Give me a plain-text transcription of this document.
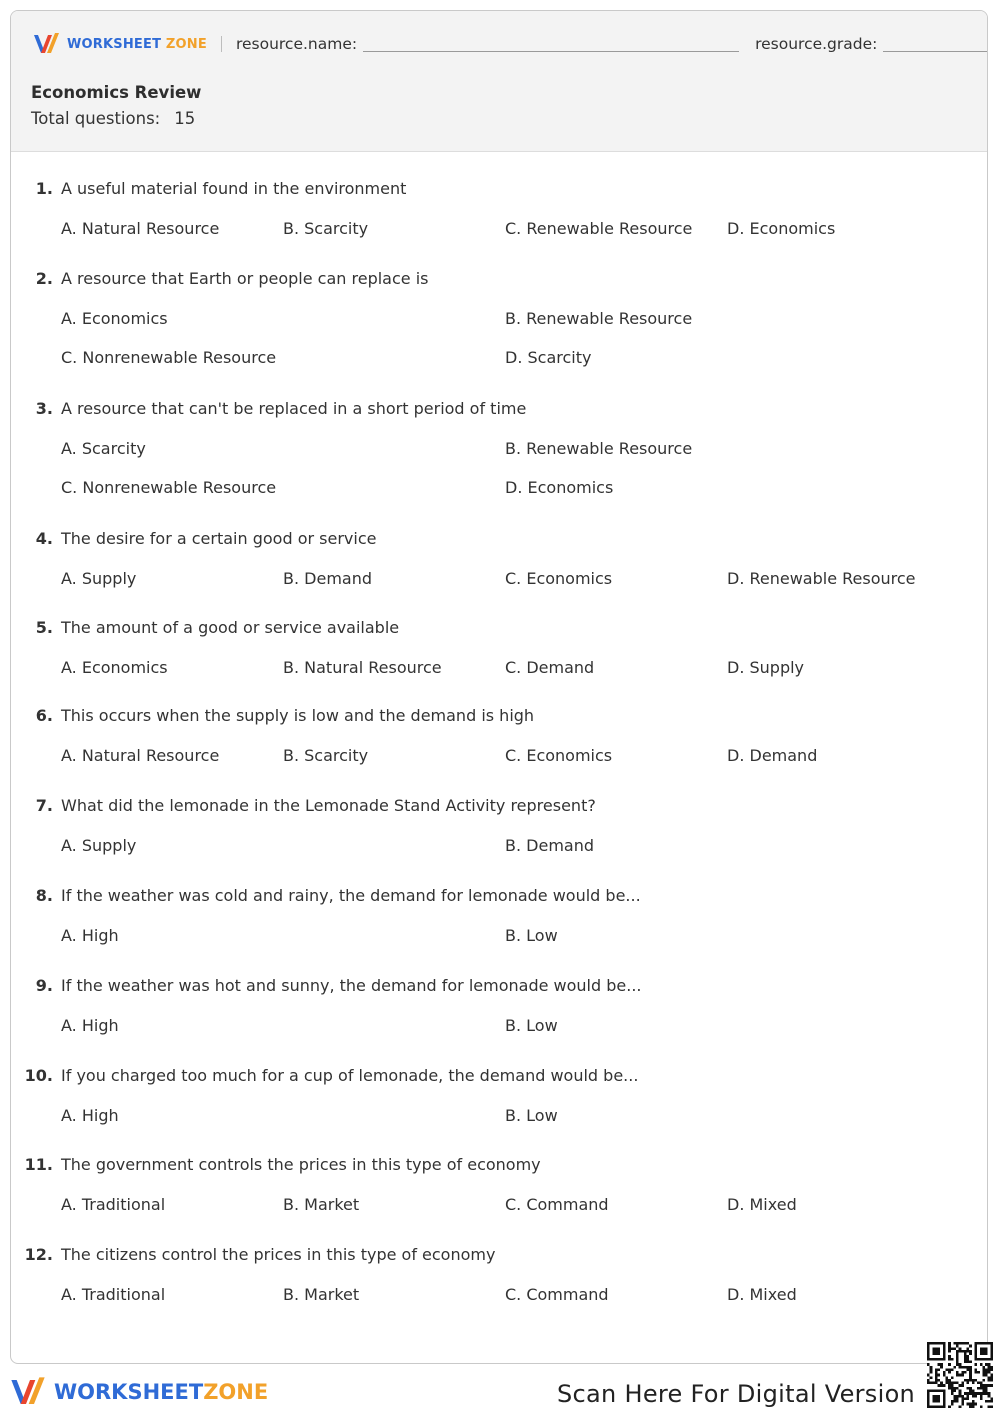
WORKSHEET ZONE resource.name:	resource.grade:
Economics Review
Total questions: 15
1. A useful material found in the environment
A. Natural Resource	B. Scarcity	C. Renewable Resource D. Economics
2. A resource that Earth or people can replace is
A. Economics	B. Renewable Resource
C. Nonrenewable Resource	D. Scarcity
3. A resource that can't be replaced in a short period of time
A. Scarcity	B. Renewable Resource
C. Nonrenewable Resource	D. Economics
4. The desire for a certain good or service
A. Supply	B. Demand	C. Economics	D. Renewable Resource
5. The amount of a good or service available
A. Economics	B. Natural Resource	C. Demand	D. Supply
6. This occurs when the supply is low and the demand is high
A. Natural Resource	B. Scarcity	C. Economics	D. Demand
7. What did the lemonade in the Lemonade Stand Activity represent?
A. Supply	B. Demand
8. If the weather was cold and rainy, the demand for lemonade would be...
A. High	B. Low
9. If the weather was hot and sunny, the demand for lemonade would be...
A. High	B. Low
10. If you charged too much for a cup of lemonade, the demand would be...
A. High	B. Low
11. The government controls the prices in this type of economy
A. Traditional	B. Market	C. Command	D. Mixed
12. The citizens control the prices in this type of economy
A. Traditional	B. Market	C. Command	D. Mixed
WORKSHEETZONE	Scan Here For Digital Version
